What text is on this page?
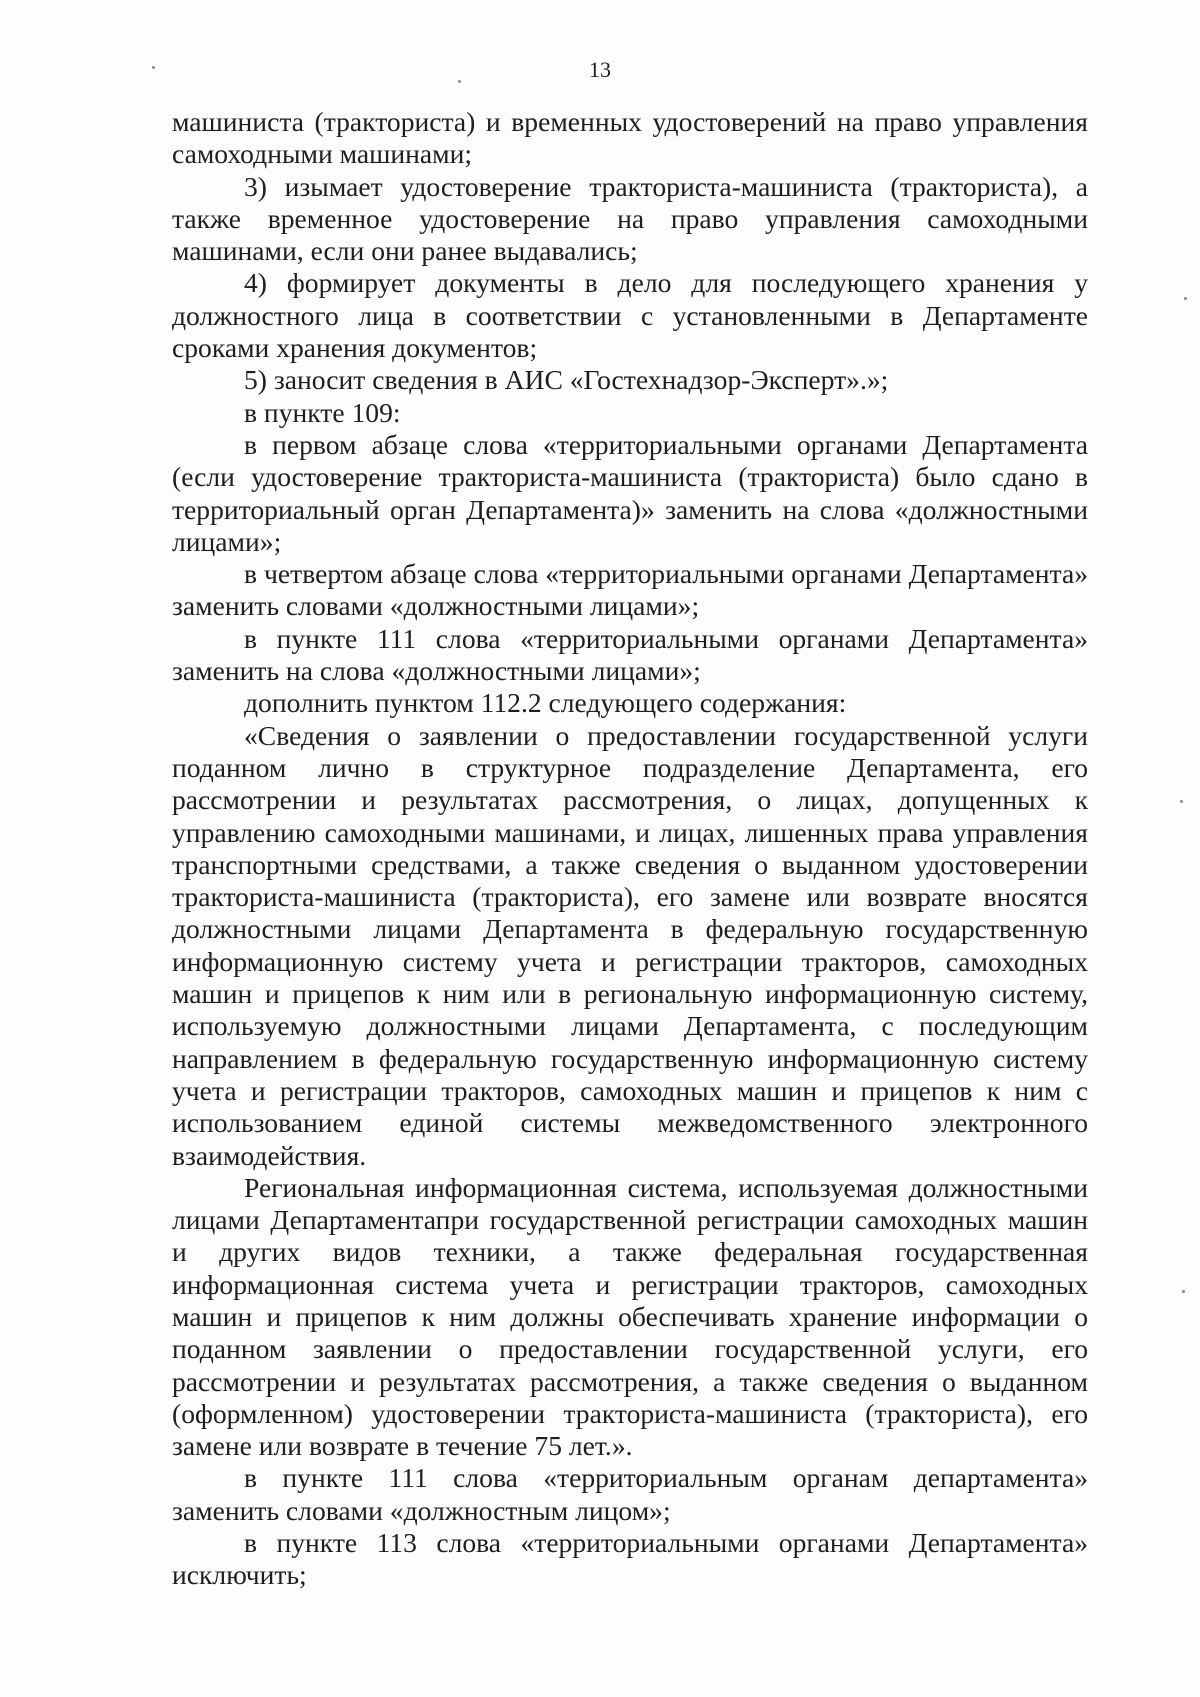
13

машиниста (тракториста) и временных удостоверений на право управления самоходными машинами;

3) изымает удостоверение тракториста-машиниста (тракториста), а также временное удостоверение на право управления самоходными машинами, если они ранее выдавались;

4) формирует документы в дело для последующего хранения у должностного лица в соответствии с установленными в Департаменте сроками хранения документов;

5) заносит сведения в АИС «Гостехнадзор-Эксперт».»;

в пункте 109:

в первом абзаце слова «территориальными органами Департамента (если удостоверение тракториста-машиниста (тракториста) было сдано в территориальный орган Департамента)» заменить на слова «должностными лицами»;

в четвертом абзаце слова «территориальными органами Департамента» заменить словами «должностными лицами»;

в пункте 111 слова «территориальными органами Департамента» заменить на слова «должностными лицами»;

дополнить пунктом 112.2 следующего содержания:

«Сведения о заявлении о предоставлении государственной услуги поданном лично в структурное подразделение Департамента, его рассмотрении и результатах рассмотрения, о лицах, допущенных к управлению самоходными машинами, и лицах, лишенных права управления транспортными средствами, а также сведения о выданном удостоверении тракториста-машиниста (тракториста), его замене или возврате вносятся должностными лицами Департамента в федеральную государственную информационную систему учета и регистрации тракторов, самоходных машин и прицепов к ним или в региональную информационную систему, используемую должностными лицами Департамента, с последующим направлением в федеральную государственную информационную систему учета и регистрации тракторов, самоходных машин и прицепов к ним с использованием единой системы межведомственного электронного взаимодействия.

Региональная информационная система, используемая должностными лицами Департаментапри государственной регистрации самоходных машин и других видов техники, а также федеральная государственная информационная система учета и регистрации тракторов, самоходных машин и прицепов к ним должны обеспечивать хранение информации о поданном заявлении о предоставлении государственной услуги, его рассмотрении и результатах рассмотрения, а также сведения о выданном (оформленном) удостоверении тракториста-машиниста (тракториста), его замене или возврате в течение 75 лет.».

в пункте 111 слова «территориальным органам департамента» заменить словами «должностным лицом»;

в пункте 113 слова «территориальными органами Департамента» исключить;
